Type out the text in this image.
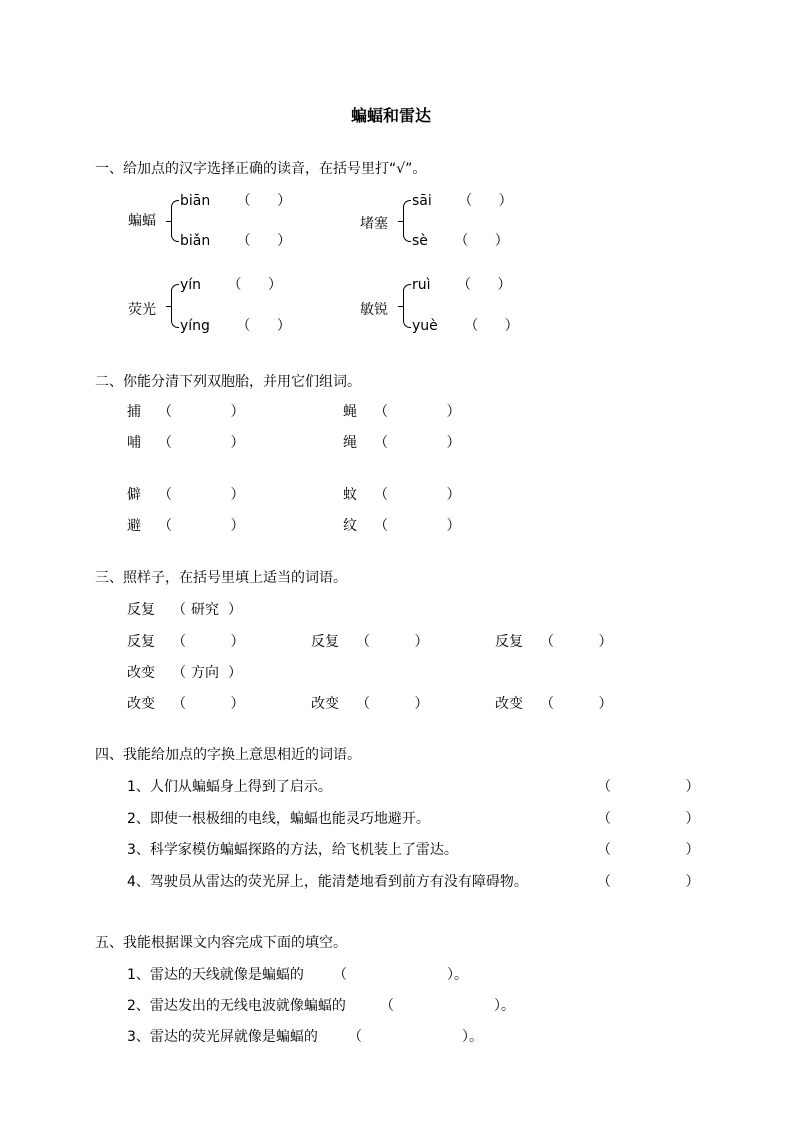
蝙蝠和雷达
一、给加点的汉字选择正确的读音，在括号里打“√”。
蝙蝠
biān （ ）
biǎn （ ）
堵塞
sāi （ ）
sè （ ）
荧光
yín （ ）
yíng （ ）
敏锐
ruì （ ）
yuè （ ）
二、你能分清下列双胞胎，并用它们组词。
捕 （ ）	蝇 （ ）
哺 （ ）	绳 （ ）
僻 （ ）	蚊 （ ）
避 （ ）	纹 （ ）
三、照样子，在括号里填上适当的词语。
反复 （ 研究 ）
反复 （ ）	反复 （ ）	反复 （ ）
改变 （ 方向 ）
改变 （ ）	改变 （ ）	改变 （ ）
四、我能给加点的字换上意思相近的词语。
1、人们从蝙蝠身上得到了启示。	（ ）
2、即使一根极细的电线，蝙蝠也能灵巧地避开。	（ ）
3、科学家模仿蝙蝠探路的方法，给飞机装上了雷达。	（ ）
4、驾驶员从雷达的荧光屏上，能清楚地看到前方有没有障碍物。	（ ）
五、我能根据课文内容完成下面的填空。
1、雷达的天线就像是蝙蝠的 （	）。
2、雷达发出的无线电波就像蝙蝠的 （	）。
3、雷达的荧光屏就像是蝙蝠的 （	）。
